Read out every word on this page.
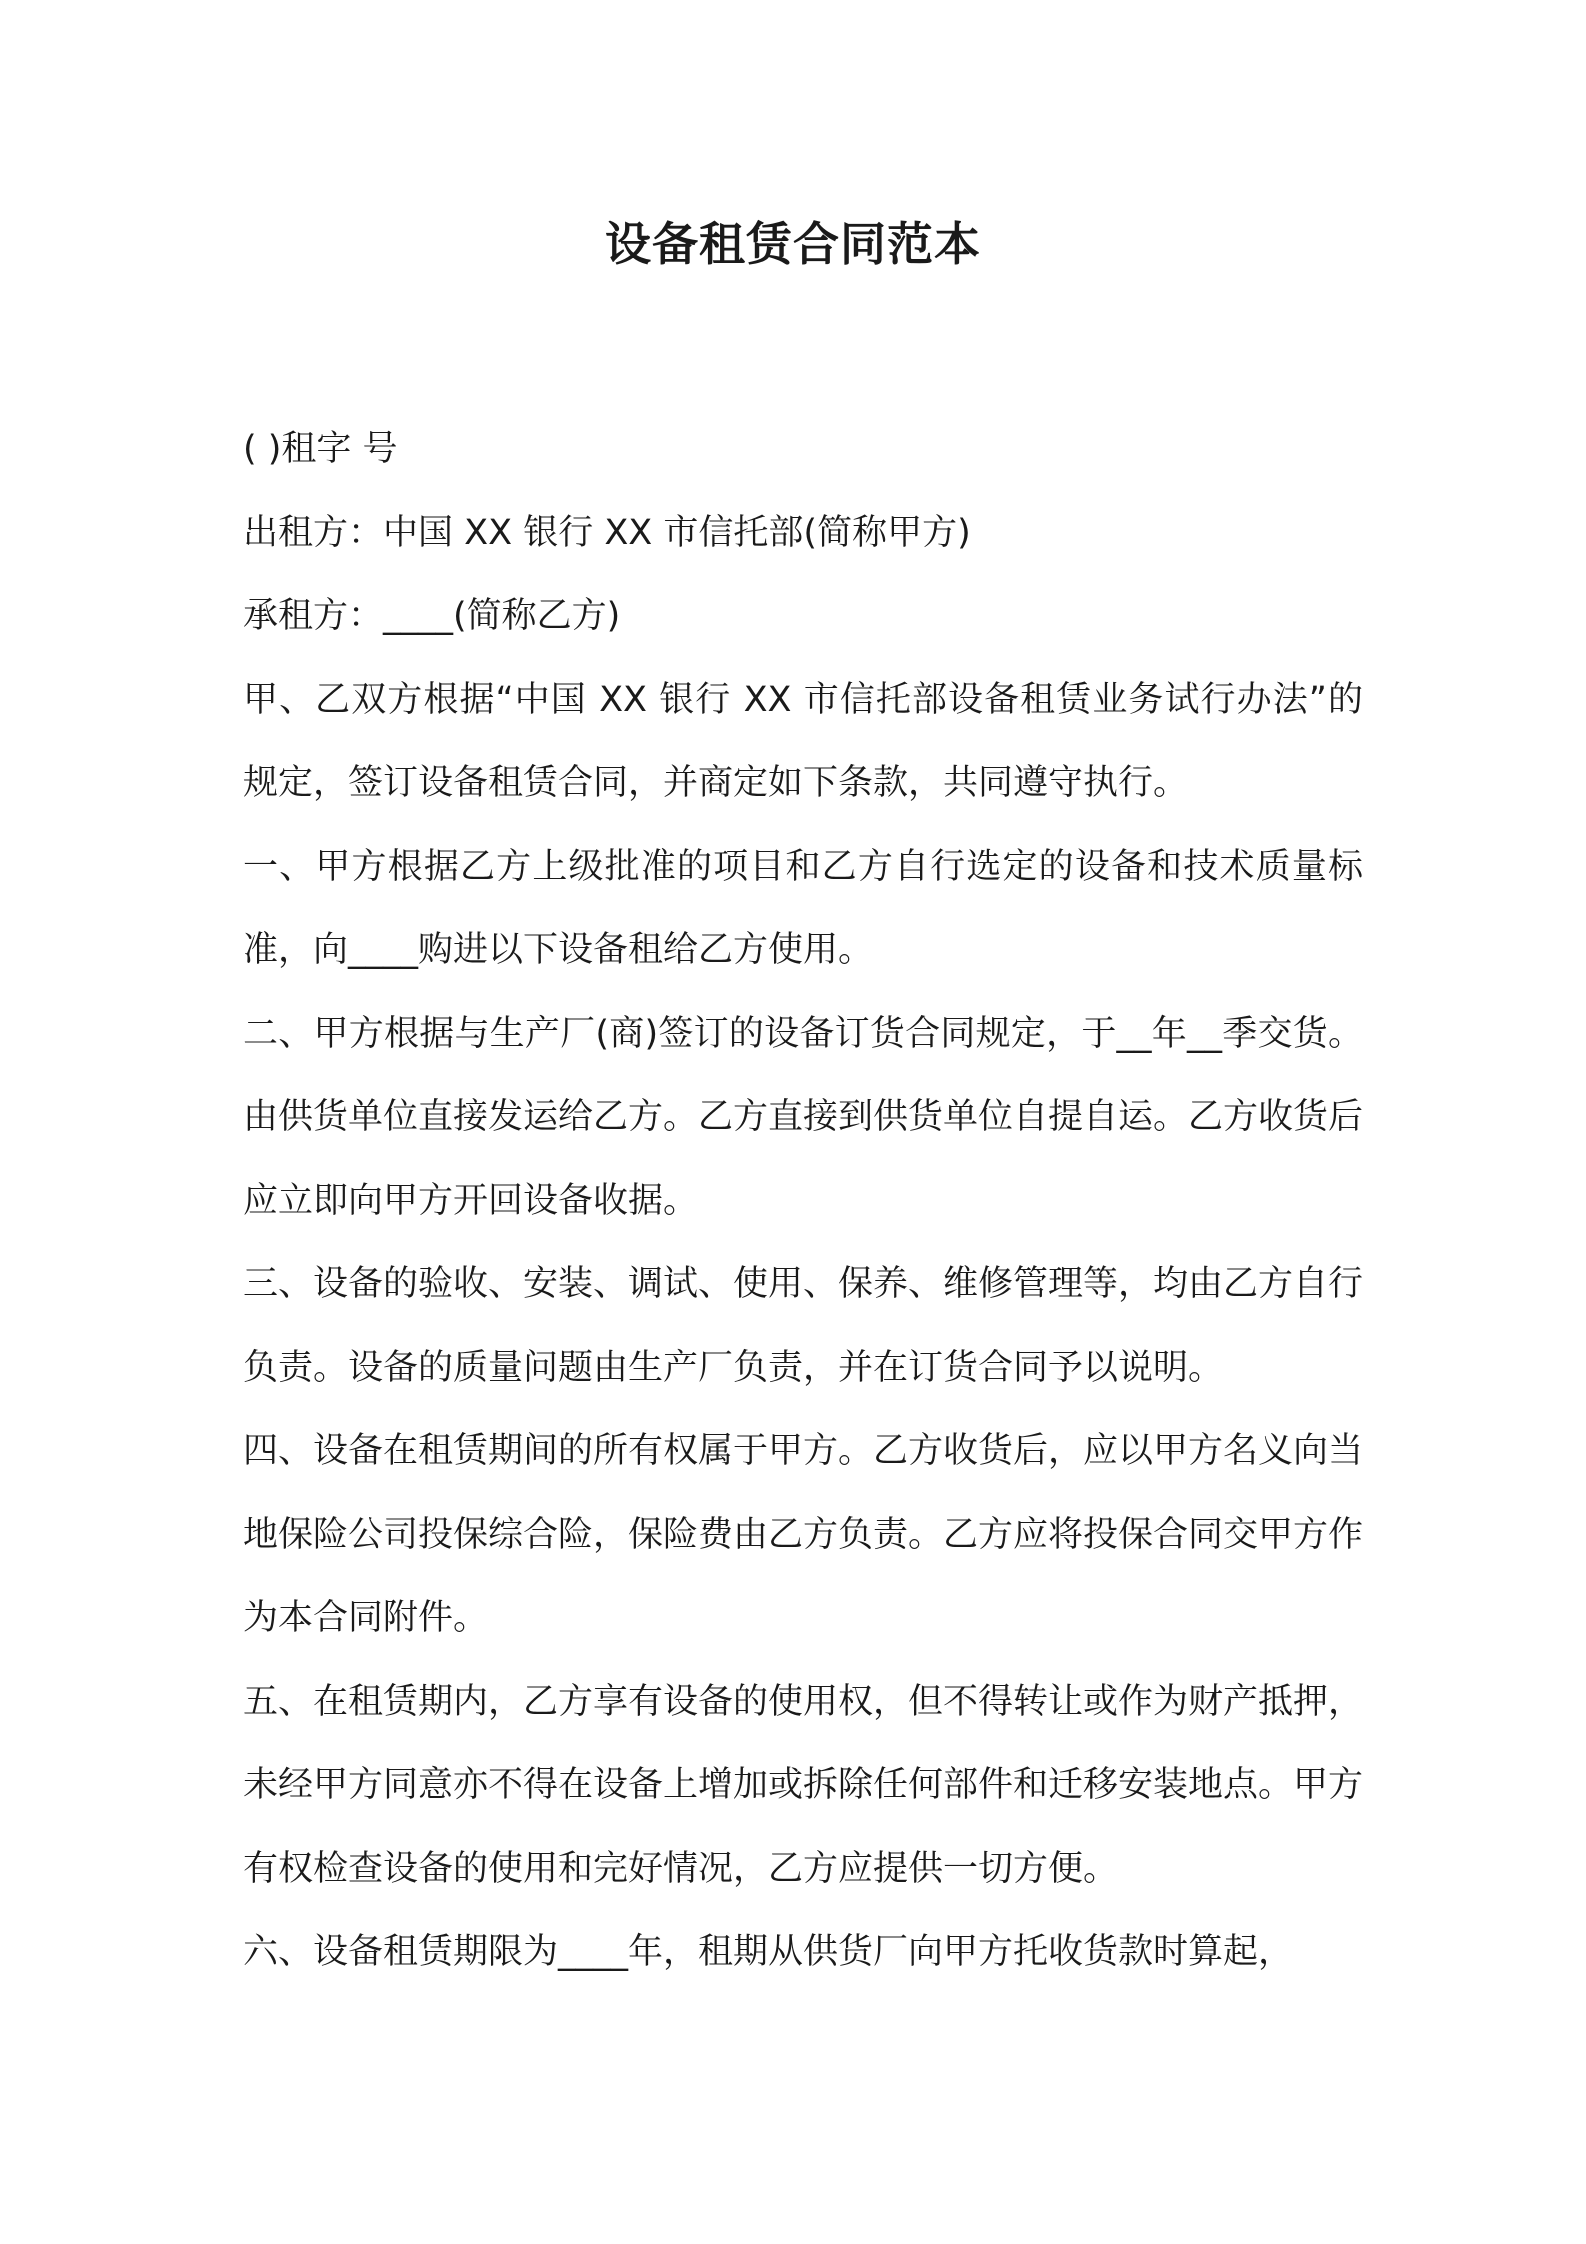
设备租赁合同范本

( )租字 号

出租方：中国 XX 银行 XX 市信托部(简称甲方)

承租方：____(简称乙方)

甲、乙双方根据“中国 XX 银行 XX 市信托部设备租赁业务试行办法”的规定，签订设备租赁合同，并商定如下条款，共同遵守执行。

一、甲方根据乙方上级批准的项目和乙方自行选定的设备和技术质量标准，向____购进以下设备租给乙方使用。

二、甲方根据与生产厂(商)签订的设备订货合同规定，于__年__季交货。由供货单位直接发运给乙方。乙方直接到供货单位自提自运。乙方收货后应立即向甲方开回设备收据。

三、设备的验收、安装、调试、使用、保养、维修管理等，均由乙方自行负责。设备的质量问题由生产厂负责，并在订货合同予以说明。

四、设备在租赁期间的所有权属于甲方。乙方收货后，应以甲方名义向当地保险公司投保综合险，保险费由乙方负责。乙方应将投保合同交甲方作为本合同附件。

五、在租赁期内，乙方享有设备的使用权，但不得转让或作为财产抵押，未经甲方同意亦不得在设备上增加或拆除任何部件和迁移安装地点。甲方有权检查设备的使用和完好情况，乙方应提供一切方便。

六、设备租赁期限为____年，租期从供货厂向甲方托收货款时算起，
